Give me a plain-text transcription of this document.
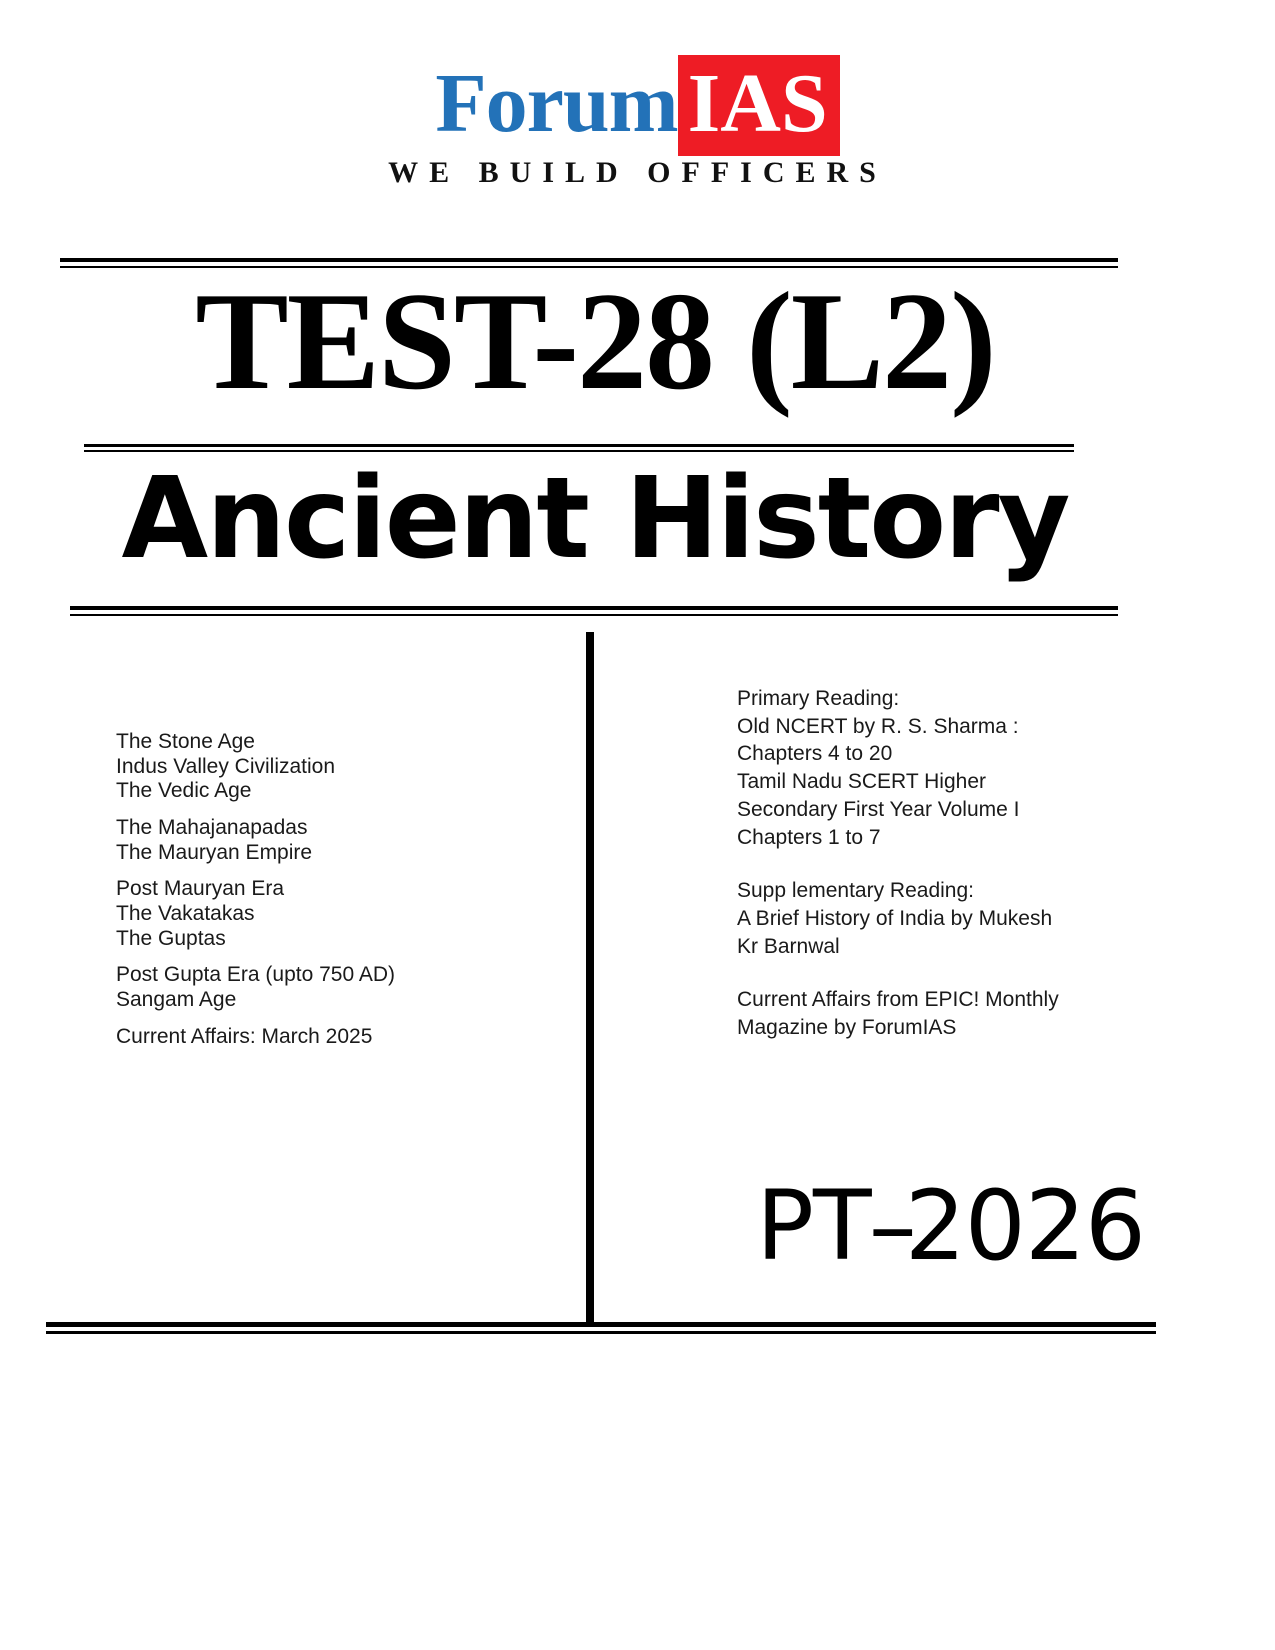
Forum IAS
WE BUILD OFFICERS
TEST-28 (L2)
Ancient History
The Stone Age
Indus Valley Civilization
The Vedic Age
The Mahajanapadas
The Mauryan Empire
Post Mauryan Era
The Vakatakas
The Guptas
Post Gupta Era (upto 750 AD)
Sangam Age
Current Affairs: March 2025
Primary Reading:
Old NCERT by R. S. Sharma :
Chapters 4 to 20
Tamil Nadu SCERT Higher
Secondary First Year Volume I
Chapters 1 to 7
Supp lementary Reading:
A Brief History of India by Mukesh
Kr Barnwal
Current Affairs from EPIC! Monthly
Magazine by ForumIAS
PT–2026
